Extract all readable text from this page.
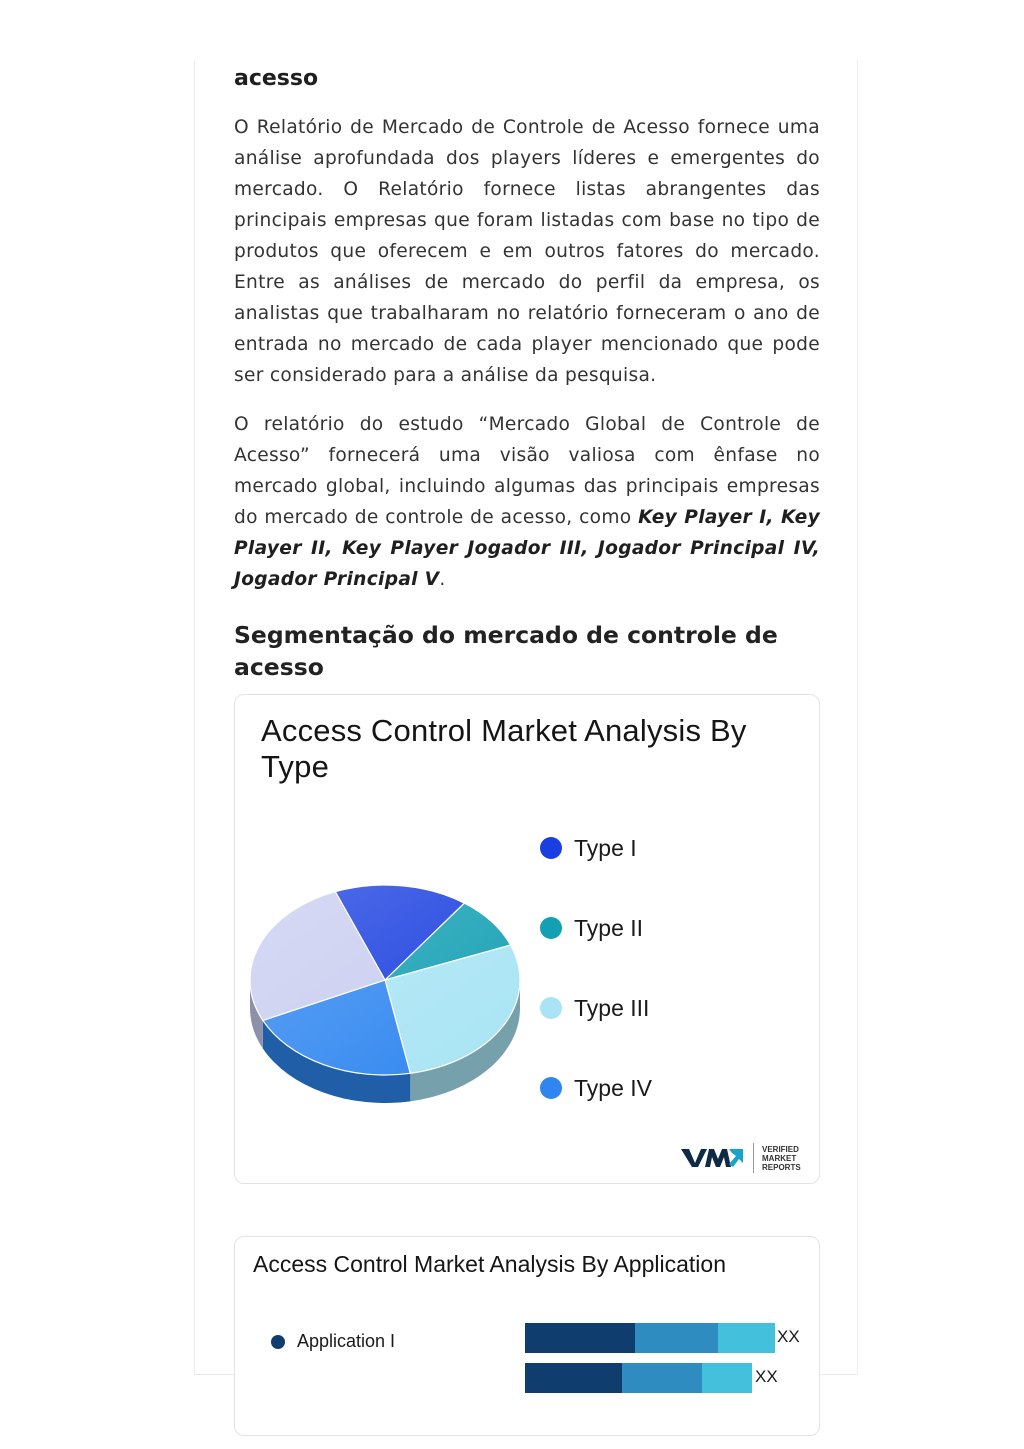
acesso

O Relatório de Mercado de Controle de Acesso fornece uma análise aprofundada dos players líderes e emergentes do mercado. O Relatório fornece listas abrangentes das principais empresas que foram listadas com base no tipo de produtos que oferecem e em outros fatores do mercado. Entre as análises de mercado do perfil da empresa, os analistas que trabalharam no relatório forneceram o ano de entrada no mercado de cada player mencionado que pode ser considerado para a análise da pesquisa.

O relatório do estudo “Mercado Global de Controle de Acesso” fornecerá uma visão valiosa com ênfase no mercado global, incluindo algumas das principais empresas do mercado de controle de acesso, como Key Player I, Key Player II, Key Player Jogador III, Jogador Principal IV, Jogador Principal V.

Segmentação do mercado de controle de acesso
Access Control Market Analysis By Type
Type I
Type II
Type III
Type IV
VERIFIED
MARKET
REPORTS
Access Control Market Analysis By Application
Application I	XX
XX
